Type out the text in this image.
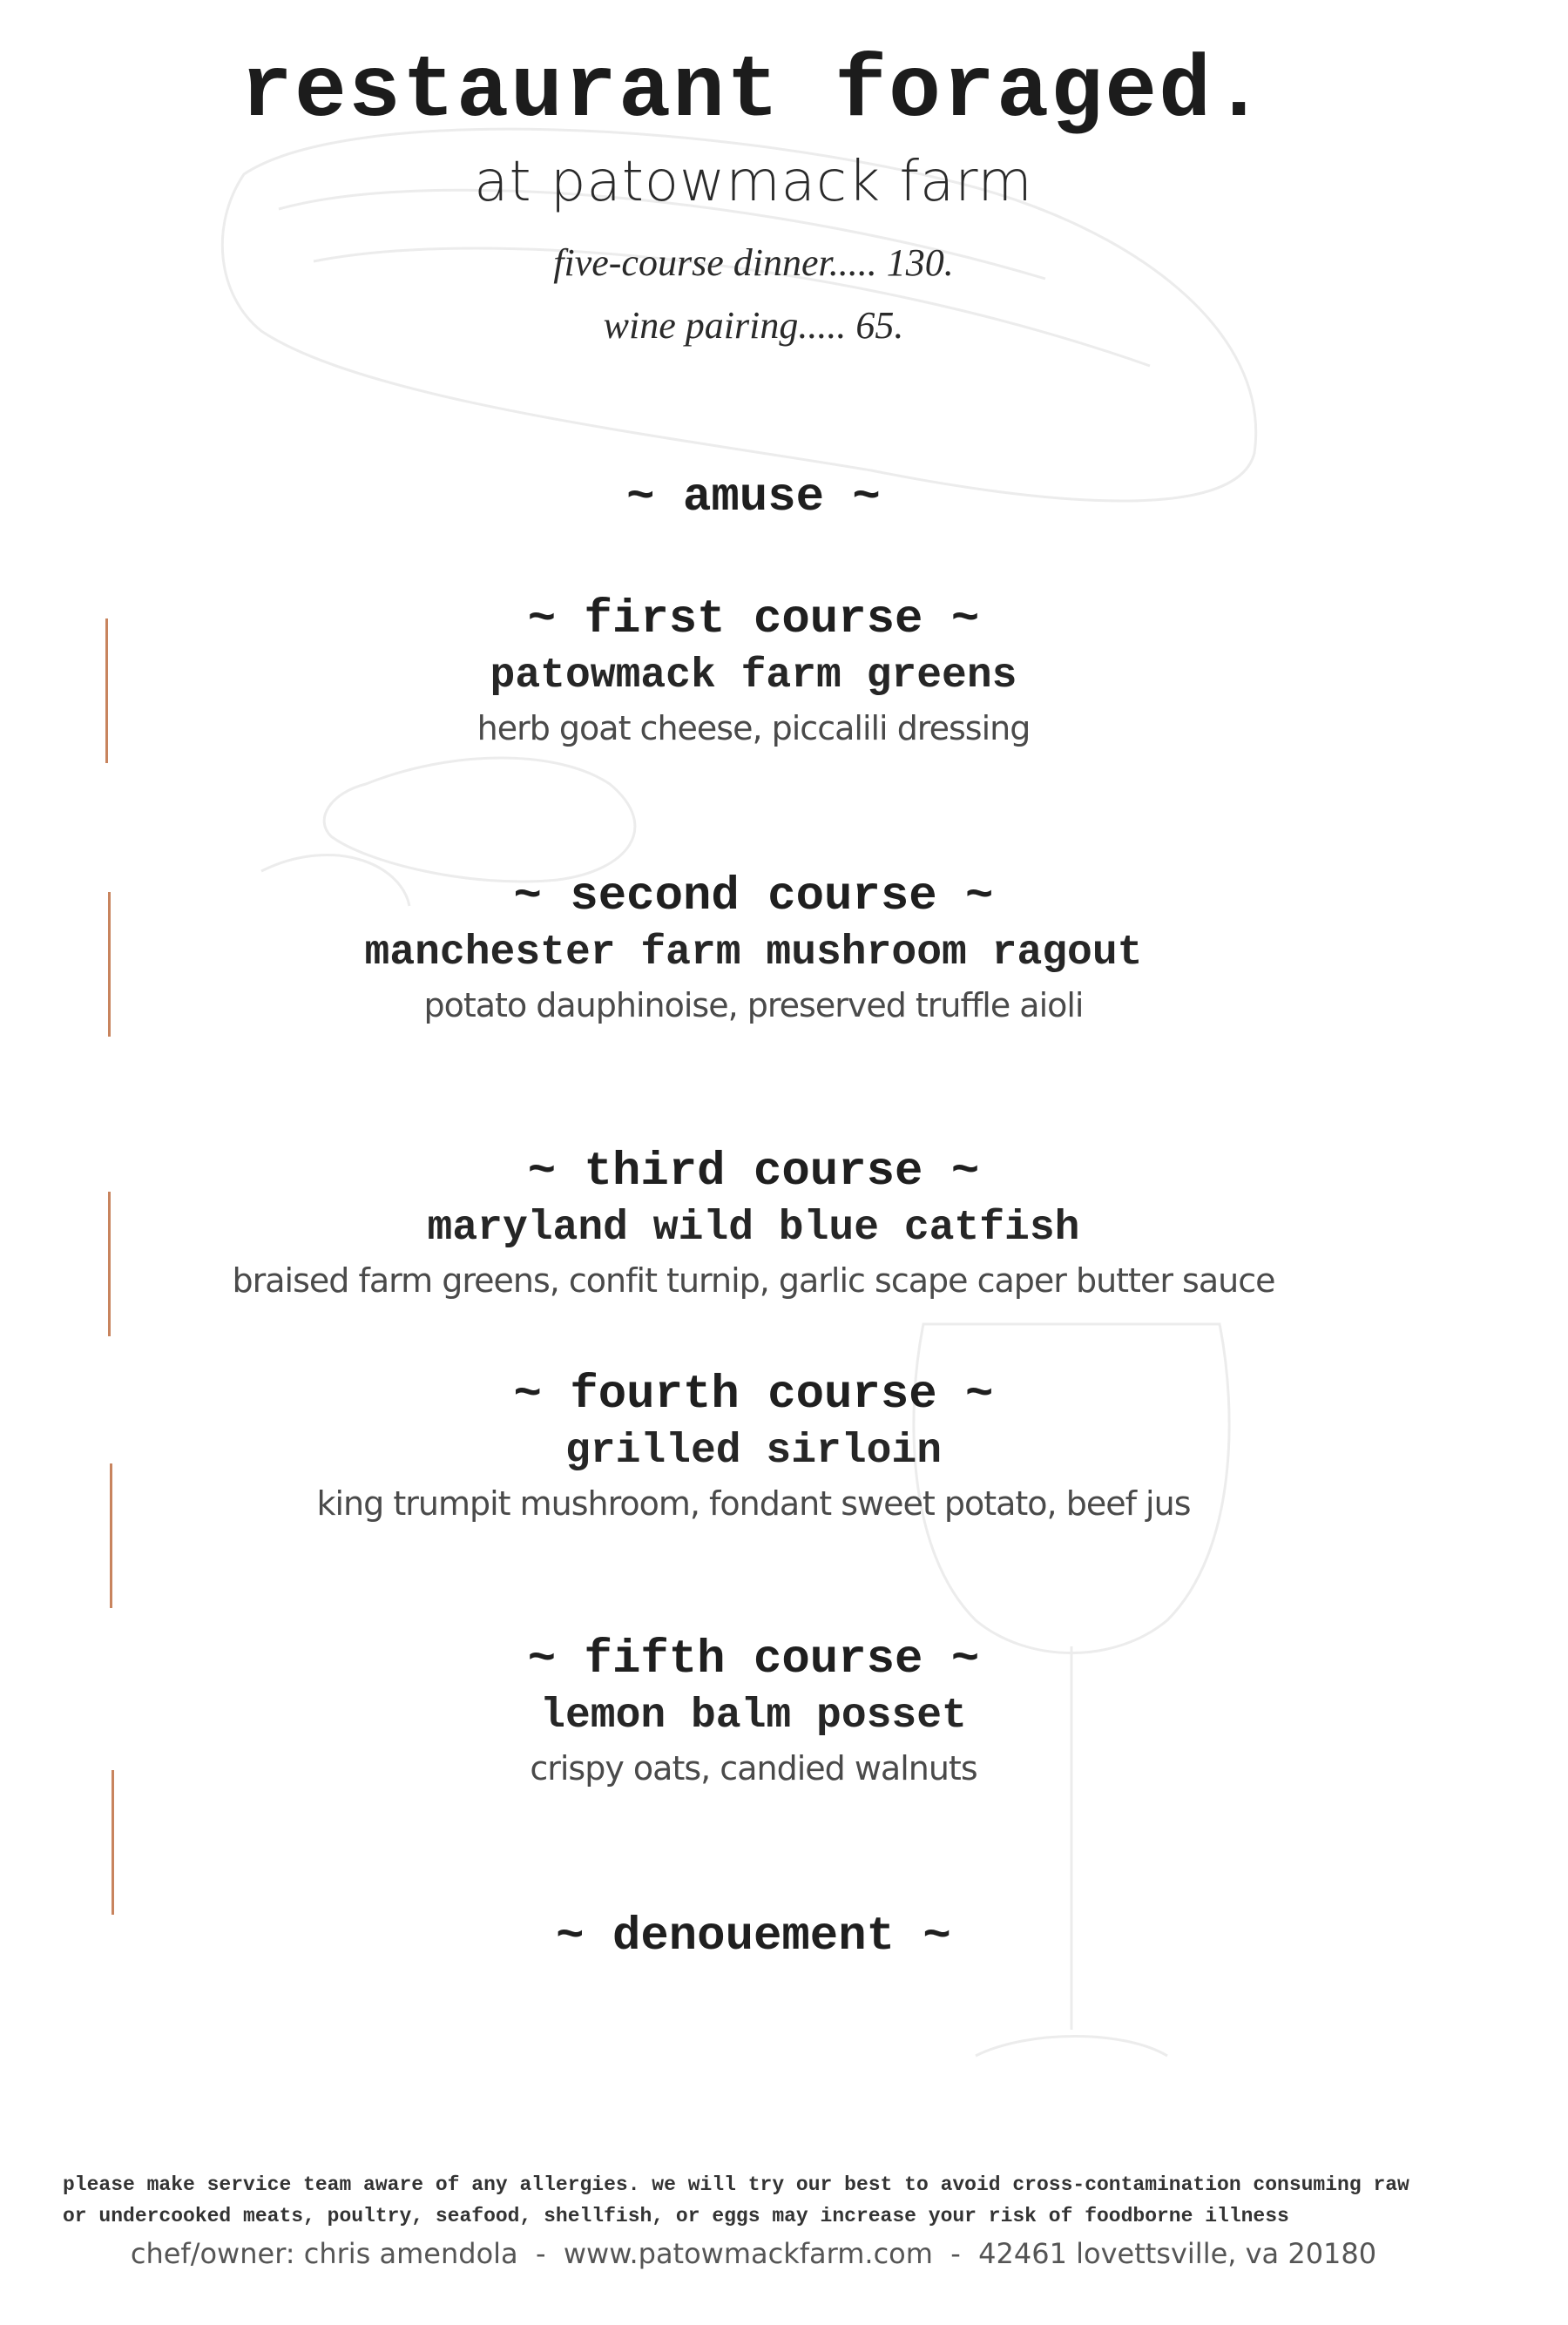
restaurant foraged.
at patowmack farm
five-course dinner..... 130.
wine pairing..... 65.
~ amuse ~
~ first course ~
patowmack farm greens
herb goat cheese, piccalili dressing
~ second course ~
manchester farm mushroom ragout
potato dauphinoise, preserved truffle aioli
~ third course ~
maryland wild blue catfish
braised farm greens, confit turnip, garlic scape caper butter sauce
~ fourth course ~
grilled sirloin
king trumpit mushroom, fondant sweet potato, beef jus
~ fifth course ~
lemon balm posset
crispy oats, candied walnuts
~ denouement ~
please make service team aware of any allergies. we will try our best to avoid cross-contamination consuming raw
or undercooked meats, poultry, seafood, shellfish, or eggs may increase your risk of foodborne illness
chef/owner: chris amendola  -  www.patowmackfarm.com  -  42461 lovettsville, va 20180
